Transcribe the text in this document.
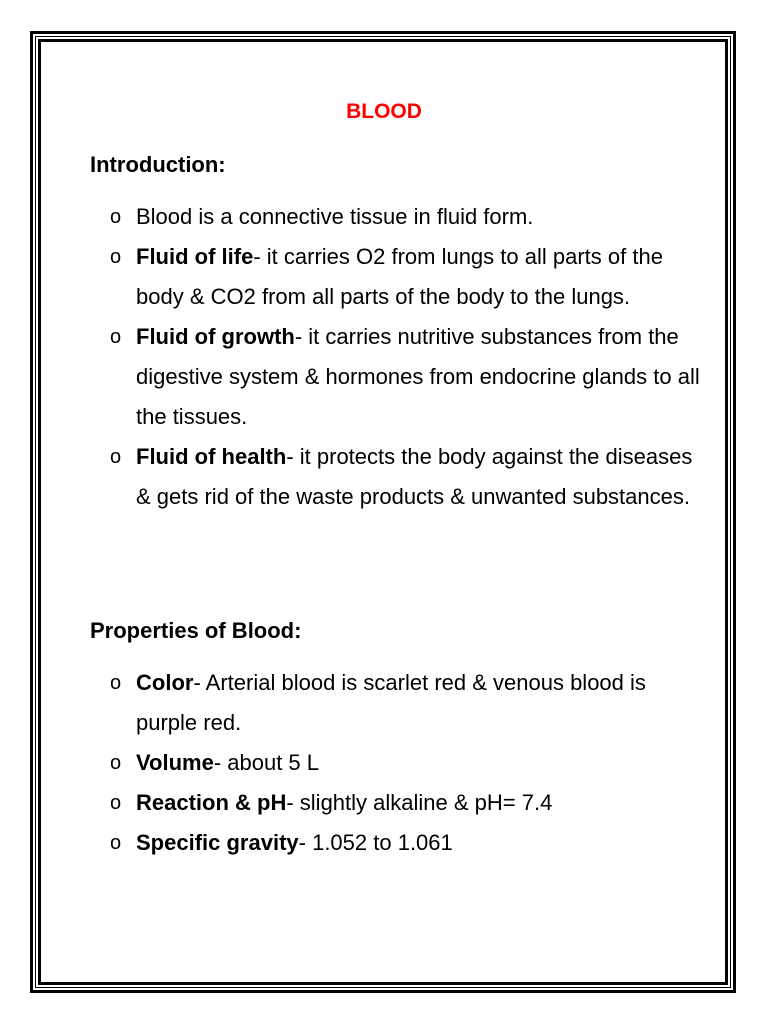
BLOOD
Introduction:
o Blood is a connective tissue in fluid form.
o Fluid of life- it carries O2 from lungs to all parts of the body & CO2 from all parts of the body to the lungs.
o Fluid of growth- it carries nutritive substances from the digestive system & hormones from endocrine glands to all the tissues.
o Fluid of health- it protects the body against the diseases & gets rid of the waste products & unwanted substances.
Properties of Blood:
o Color- Arterial blood is scarlet red & venous blood is purple red.
o Volume- about 5 L
o Reaction & pH- slightly alkaline & pH= 7.4
o Specific gravity- 1.052 to 1.061
